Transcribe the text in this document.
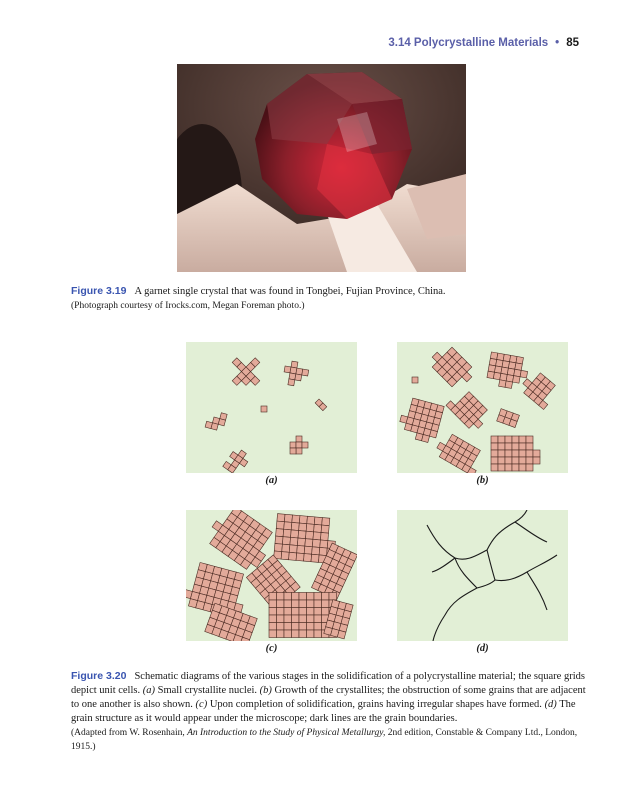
3.14 Polycrystalline Materials • 85
Figure 3.19 A garnet single crystal that was found in Tongbei, Fujian Province, China.
(Photograph courtesy of Irocks.com, Megan Foreman photo.)
(a)	(b)
(c)	(d)
Figure 3.20 Schematic diagrams of the various stages in the solidification of a polycrystalline material; the square grids depict unit cells. (a) Small crystallite nuclei. (b) Growth of the crystallites; the obstruction of some grains that are adjacent to one another is also shown. (c) Upon completion of solidification, grains having irregular shapes have formed. (d) The grain structure as it would appear under the microscope; dark lines are the grain boundaries.
(Adapted from W. Rosenhain, An Introduction to the Study of Physical Metallurgy, 2nd edition, Constable & Company Ltd., London, 1915.)
